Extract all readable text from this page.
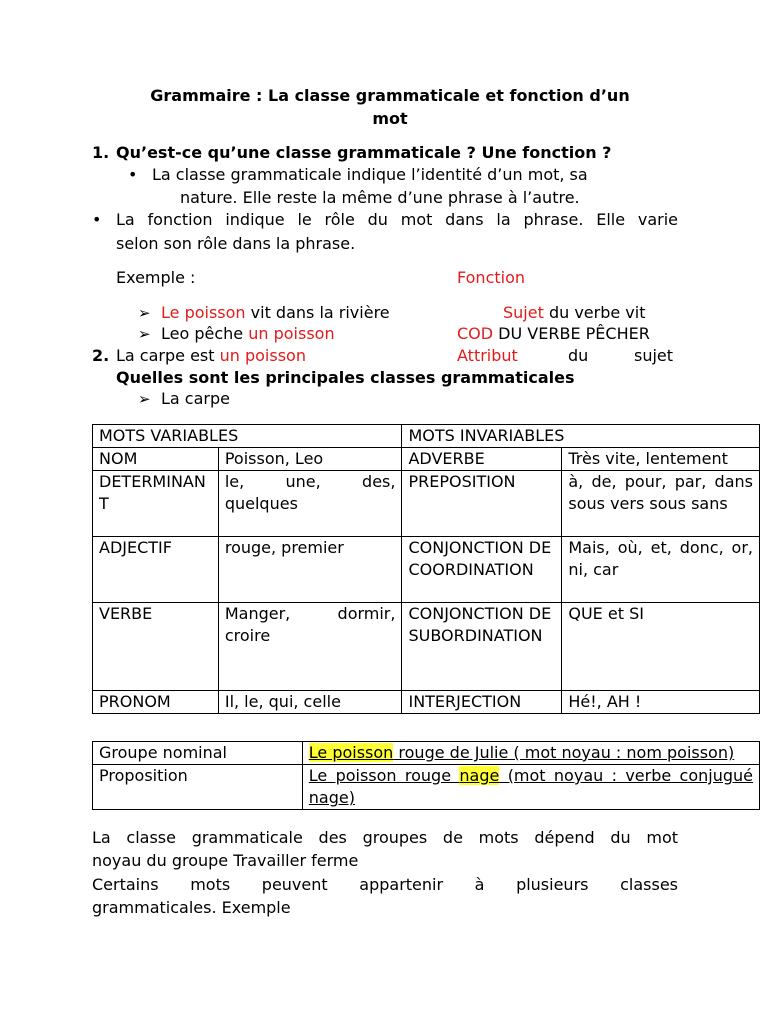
Grammaire : La classe grammaticale et fonction d’un
mot
1. Qu’est-ce qu’une classe grammaticale ? Une fonction ?
• La classe grammaticale indique l’identité d’un mot, sa
nature. Elle reste la même d’une phrase à l’autre.
• La fonction indique le rôle du mot dans la phrase. Elle varie
selon son rôle dans la phrase.
Exemple :	Fonction
➢ Le poisson vit dans la rivière	Sujet du verbe vit
➢ Leo pêche un poisson	COD DU VERBE PÊCHER
2. La carpe est un poisson	Attribut	du	sujet
Quelles sont les principales classes grammaticales
➢ La carpe
MOTS VARIABLES		MOTS INVARIABLES	
NOM	Poisson, Leo	ADVERBE	Très vite, lentement
DETERMINANT	le, une, des, quelques	PREPOSITION	à, de, pour, par, dans sous vers sous sans
ADJECTIF	rouge, premier	CONJONCTION DE COORDINATION	Mais, où, et, donc, or, ni, car
VERBE	Manger, dormir, croire	CONJONCTION DE SUBORDINATION	QUE et SI
PRONOM	Il, le, qui, celle	INTERJECTION	Hé!, AH !
Groupe nominal	Le poisson rouge de Julie ( mot noyau : nom poisson)
Proposition	Le poisson rouge nage (mot noyau : verbe conjugué nage)
La classe grammaticale des groupes de mots dépend du mot
noyau du groupe Travailler ferme
Certains mots peuvent appartenir à plusieurs classes
grammaticales. Exemple
